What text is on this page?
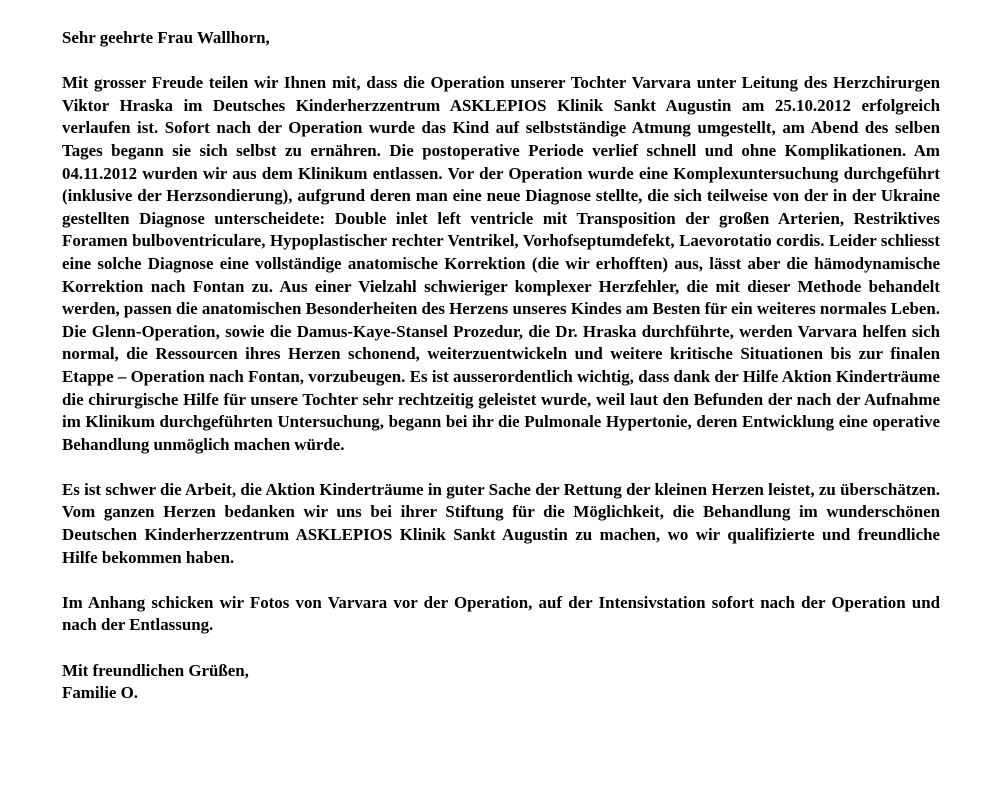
Sehr geehrte Frau Wallhorn,

Mit grosser Freude teilen wir Ihnen mit, dass die Operation unserer Tochter Varvara unter Leitung des Herzchirurgen Viktor Hraska im Deutsches Kinderherzzentrum ASKLEPIOS Klinik Sankt Augustin am 25.10.2012 erfolgreich verlaufen ist. Sofort nach der Operation wurde das Kind auf selbstständige Atmung umgestellt, am Abend des selben Tages begann sie sich selbst zu ernähren. Die postoperative Periode verlief schnell und ohne Komplikationen. Am 04.11.2012 wurden wir aus dem Klinikum entlassen. Vor der Operation wurde eine Komplexuntersuchung durchgeführt (inklusive der Herzsondierung), aufgrund deren man eine neue Diagnose stellte, die sich teilweise von der in der Ukraine gestellten Diagnose unterscheidete: Double inlet left ventricle mit Transposition der großen Arterien, Restriktives Foramen bulboventriculare, Hypoplastischer rechter Ventrikel, Vorhofseptumdefekt, Laevorotatio cordis. Leider schliesst eine solche Diagnose eine vollständige anatomische Korrektion (die wir erhofften) aus, lässt aber die hämodynamische Korrektion nach Fontan zu. Aus einer Vielzahl schwieriger komplexer Herzfehler, die mit dieser Methode behandelt werden, passen die anatomischen Besonderheiten des Herzens unseres Kindes am Besten für ein weiteres normales Leben. Die Glenn-Operation, sowie die Damus-Kaye-Stansel Prozedur, die Dr. Hraska durchführte, werden Varvara helfen sich normal, die Ressourcen ihres Herzen schonend, weiterzuentwickeln und weitere kritische Situationen bis zur finalen Etappe – Operation nach Fontan, vorzubeugen. Es ist ausserordentlich wichtig, dass dank der Hilfe Aktion Kinderträume die chirurgische Hilfe für unsere Tochter sehr rechtzeitig geleistet wurde, weil laut den Befunden der nach der Aufnahme im Klinikum durchgeführten Untersuchung, begann bei ihr die Pulmonale Hypertonie, deren Entwicklung eine operative Behandlung unmöglich machen würde.

Es ist schwer die Arbeit, die Aktion Kinderträume in guter Sache der Rettung der kleinen Herzen leistet, zu überschätzen. Vom ganzen Herzen bedanken wir uns bei ihrer Stiftung für die Möglichkeit, die Behandlung im wunderschönen Deutschen Kinderherzzentrum ASKLEPIOS Klinik Sankt Augustin zu machen, wo wir qualifizierte und freundliche Hilfe bekommen haben.

Im Anhang schicken wir Fotos von Varvara vor der Operation, auf der Intensivstation sofort nach der Operation und nach der Entlassung.

Mit freundlichen Grüßen,
Familie O.
